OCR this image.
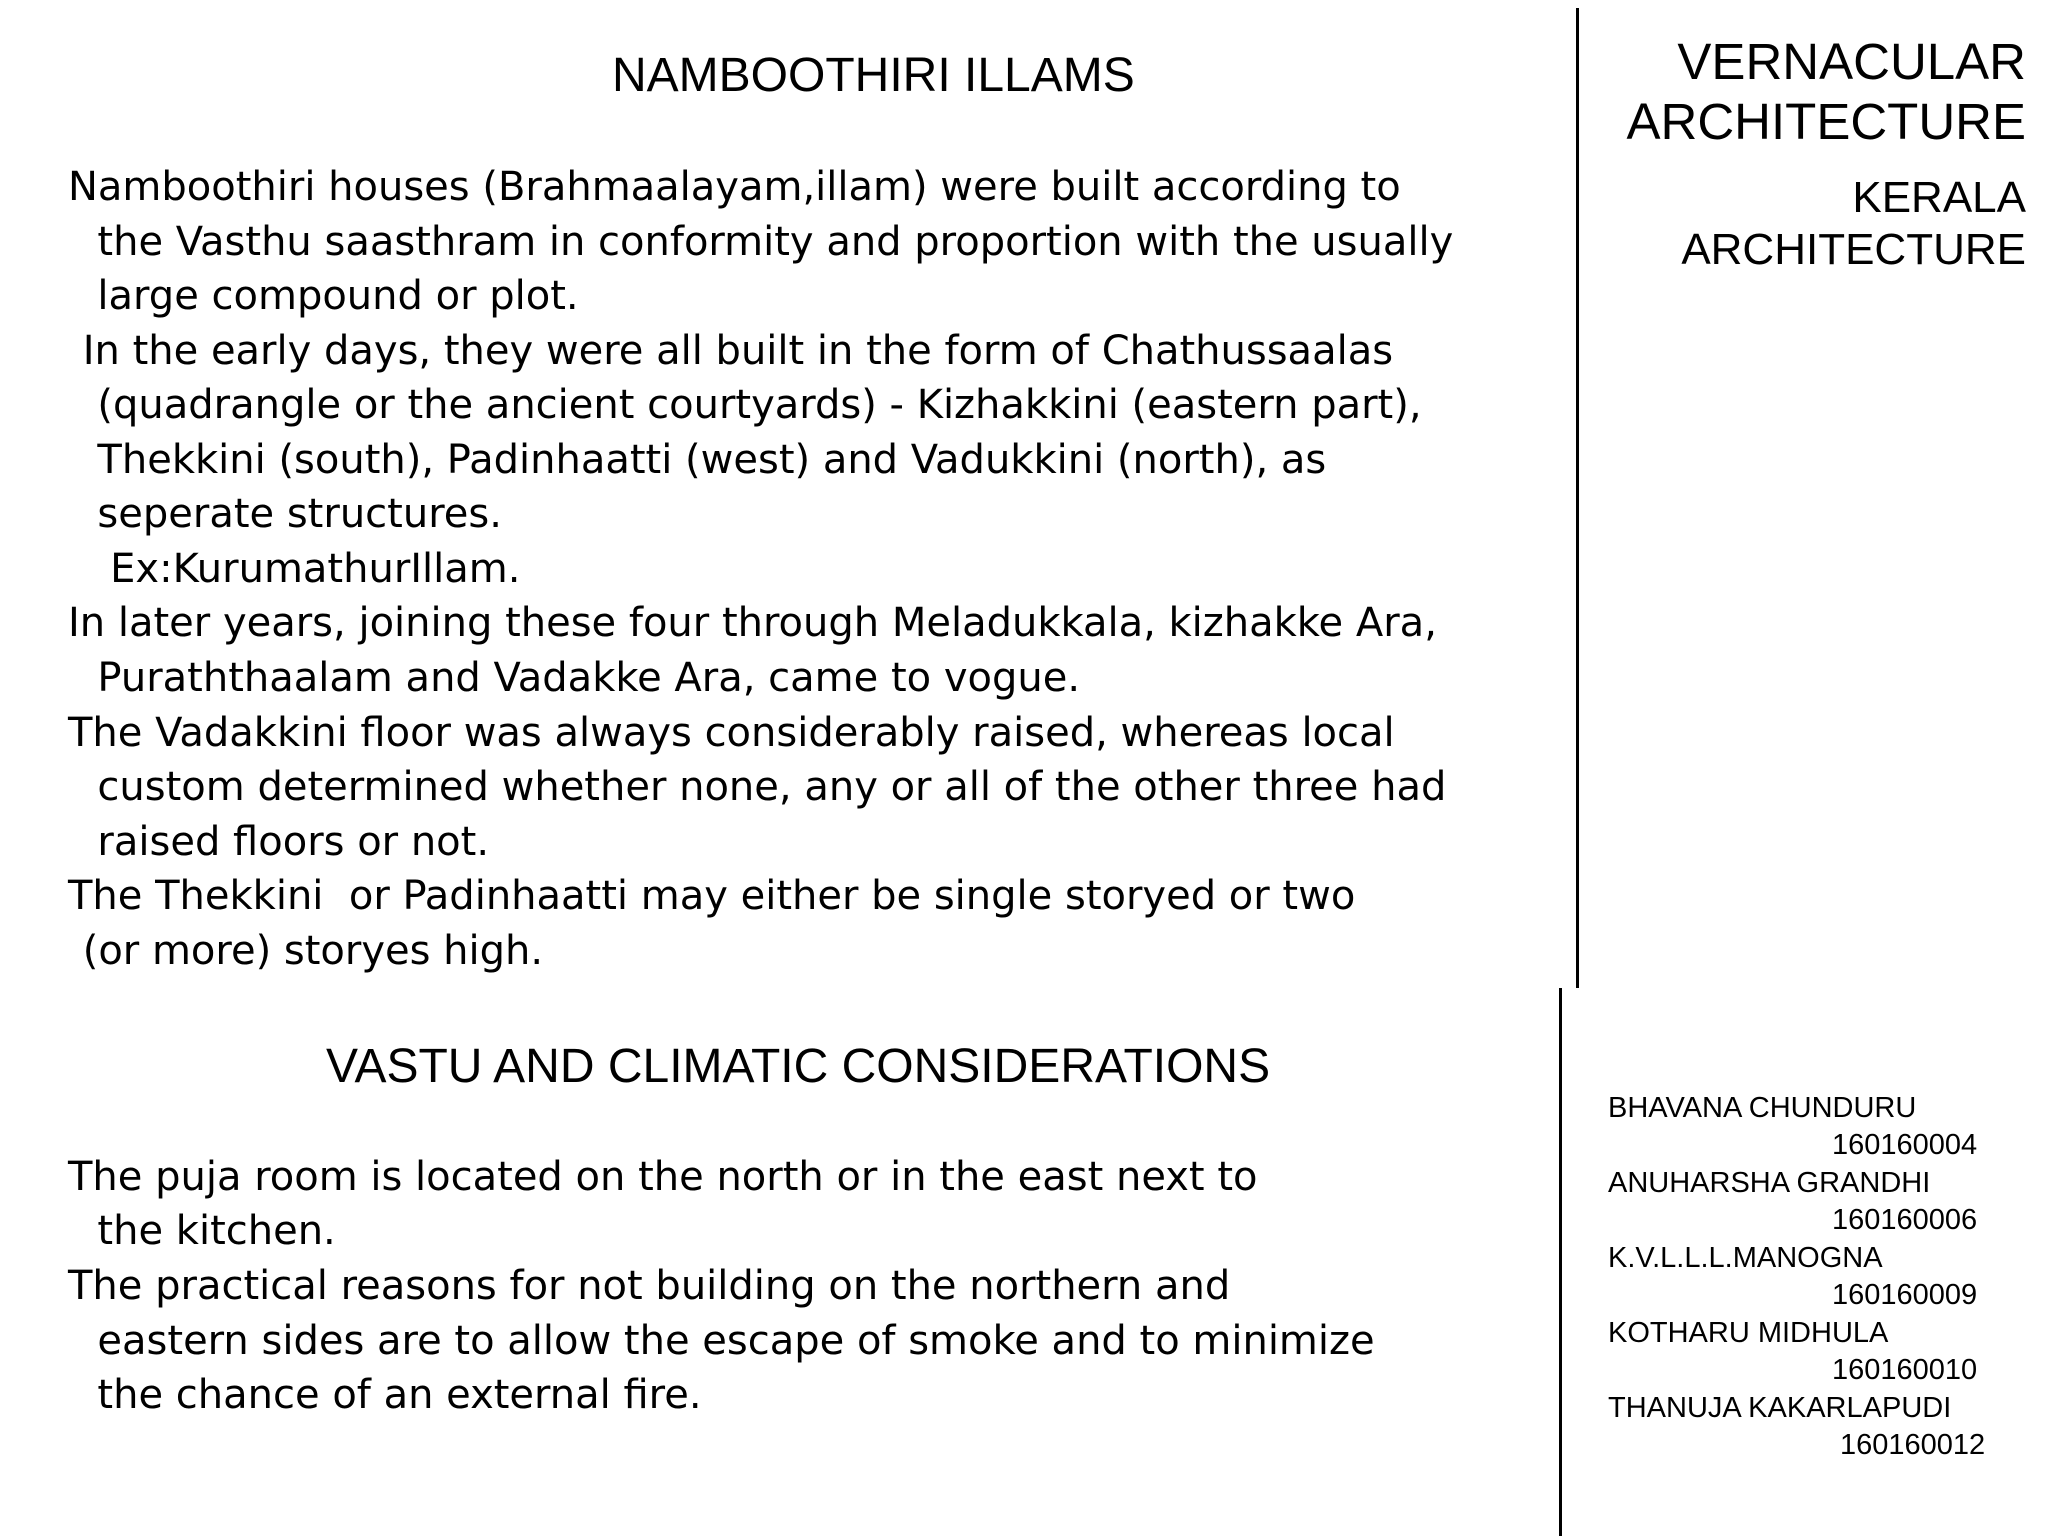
NAMBOOTHIRI ILLAMS
Namboothiri houses (Brahmaalayam,illam) were built according to
the Vasthu saasthram in conformity and proportion with the usually
large compound or plot.
In the early days, they were all built in the form of Chathussaalas
(quadrangle or the ancient courtyards) - Kizhakkini (eastern part),
Thekkini (south), Padinhaatti (west) and Vadukkini (north), as
seperate structures.
Ex:KurumathurIllam.
In later years, joining these four through Meladukkala, kizhakke Ara,
Puraththaalam and Vadakke Ara, came to vogue.
The Vadakkini floor was always considerably raised, whereas local
custom determined whether none, any or all of the other three had
raised floors or not.
The Thekkini  or Padinhaatti may either be single storyed or two
(or more) storyes high.
VASTU AND CLIMATIC CONSIDERATIONS
The puja room is located on the north or in the east next to
the kitchen.
The practical reasons for not building on the northern and
eastern sides are to allow the escape of smoke and to minimize
the chance of an external fire.
VERNACULAR
ARCHITECTURE
KERALA
ARCHITECTURE
BHAVANA CHUNDURU
160160004
ANUHARSHA GRANDHI
160160006
K.V.L.L.L.MANOGNA
160160009
KOTHARU MIDHULA
160160010
THANUJA KAKARLAPUDI
160160012
